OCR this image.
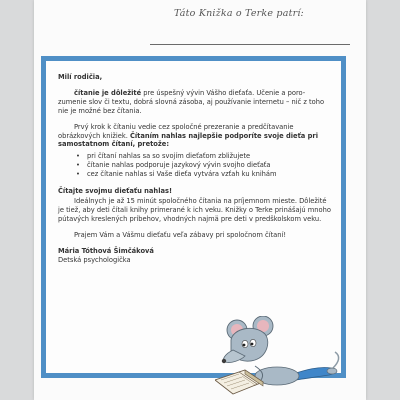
Táto Knižka o Terke patrí:

Milí rodičia,

čítanie je dôležité pre úspešný vývin Vášho dieťaťa. Učenie a poro-zumenie slov či textu, dobrá slovná zásoba, aj používanie internetu – nič z toho nie je možné bez čítania.

Prvý krok k čítaniu vedie cez spoločné prezeranie a predčítavanie obrázkových knižiek. Čítaním nahlas najlepšie podporíte svoje dieťa pri samostatnom čítaní, pretože:

• pri čítaní nahlas sa so svojím dieťaťom zbližujete
• čítanie nahlas podporuje jazykový vývin svojho dieťaťa
• cez čítanie nahlas si Vaše dieťa vytvára vzťah ku knihám

Čítajte svojmu dieťaťu nahlas!

Ideálnych je až 15 minút spoločného čítania na príjemnom mieste. Dôležité je tiež, aby deti čítali knihy primerané k ich veku. Knižky o Terke prinášajú mnoho pútavých kreslených príbehov, vhodných najmä pre deti v predškolskom veku.

Prajem Vám a Vášmu dieťaťu veľa zábavy pri spoločnom čítaní!

Mária Tóthová Šimčáková

Detská psychologička
